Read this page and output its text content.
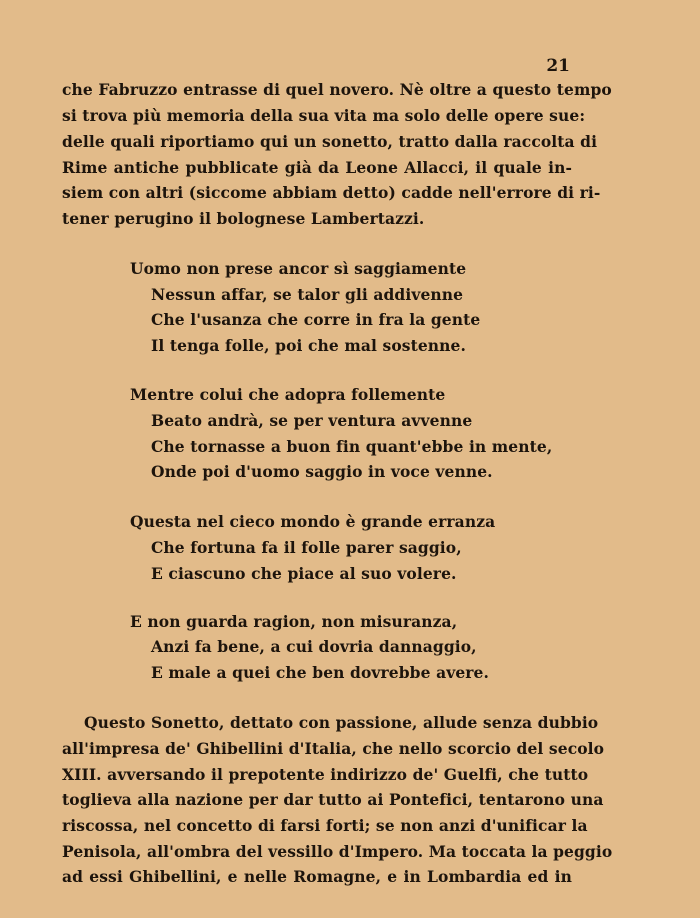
21
che Fabruzzo entrasse di quel novero. Nè oltre a questo tempo
si trova più memoria della sua vita ma solo delle opere sue:
delle quali riportiamo qui un sonetto, tratto dalla raccolta di
Rime antiche pubblicate già da Leone Allacci, il quale in-
siem con altri (siccome abbiam detto) cadde nell'errore di ri-
tener perugino il bolognese Lambertazzi.
Uomo non prese ancor sì saggiamente
Nessun affar, se talor gli addivenne
Che l'usanza che corre in fra la gente
Il tenga folle, poi che mal sostenne.
Mentre colui che adopra follemente
Beato andrà, se per ventura avvenne
Che tornasse a buon fin quant'ebbe in mente,
Onde poi d'uomo saggio in voce venne.
Questa nel cieco mondo è grande erranza
Che fortuna fa il folle parer saggio,
E ciascuno che piace al suo volere.
E non guarda ragion, non misuranza,
Anzi fa bene, a cui dovria dannaggio,
E male a quei che ben dovrebbe avere.
Questo Sonetto, dettato con passione, allude senza dubbio
all'impresa de' Ghibellini d'Italia, che nello scorcio del secolo
XIII. avversando il prepotente indirizzo de' Guelfi, che tutto
toglieva alla nazione per dar tutto ai Pontefici, tentarono una
riscossa, nel concetto di farsi forti; se non anzi d'unificar la
Penisola, all'ombra del vessillo d'Impero. Ma toccata la peggio
ad essi Ghibellini, e nelle Romagne, e in Lombardia ed in
